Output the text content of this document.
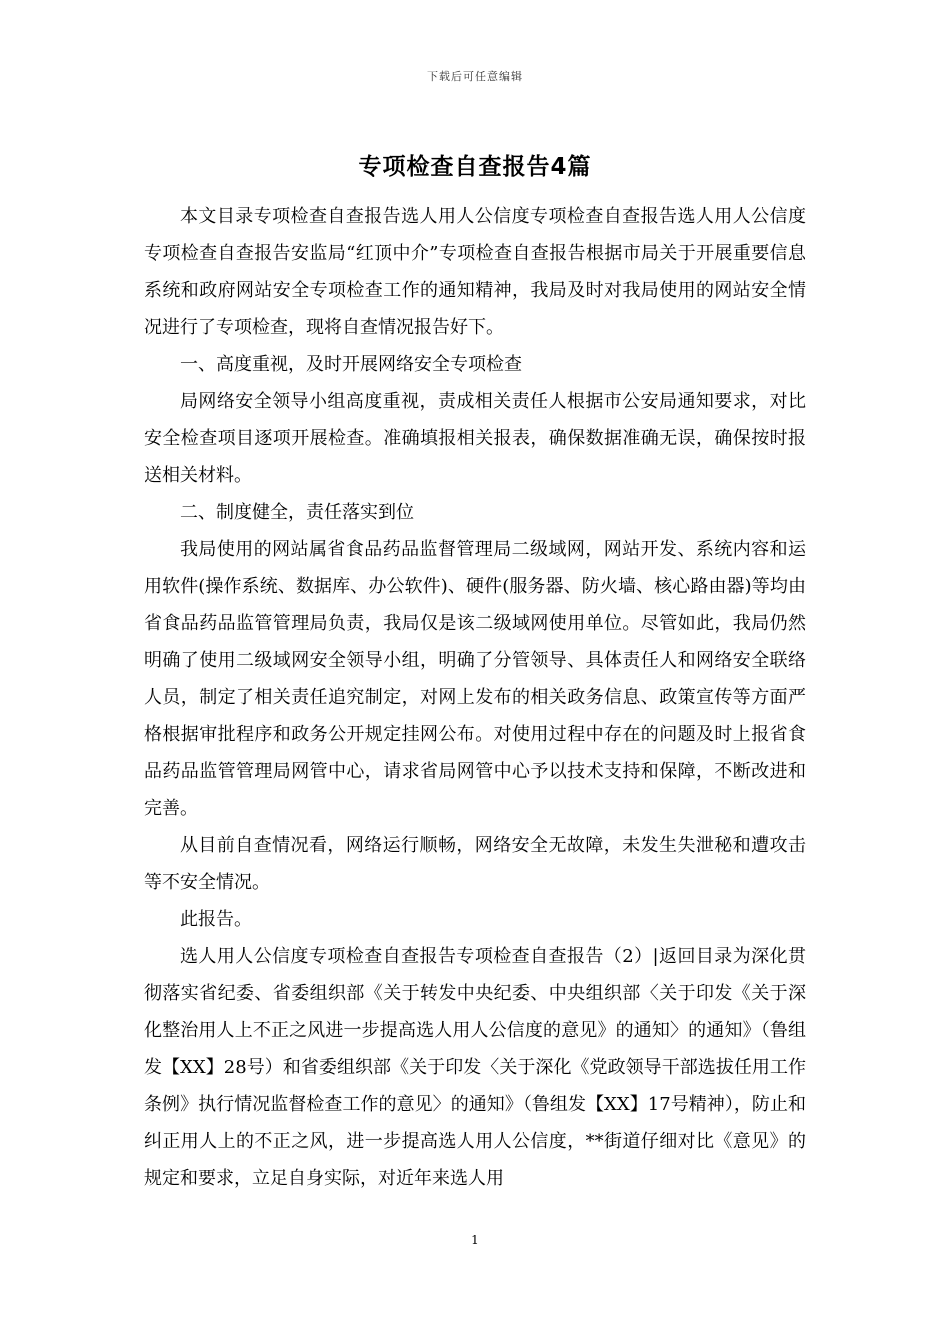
下载后可任意编辑
专项检查自查报告4篇

本文目录专项检查自查报告选人用人公信度专项检查自查报告选人用人公信度专项检查自查报告安监局“红顶中介”专项检查自查报告根据市局关于开展重要信息系统和政府网站安全专项检查工作的通知精神，我局及时对我局使用的网站安全情况进行了专项检查，现将自查情况报告好下。

一、高度重视，及时开展网络安全专项检查

局网络安全领导小组高度重视，责成相关责任人根据市公安局通知要求，对比安全检查项目逐项开展检查。准确填报相关报表，确保数据准确无误，确保按时报送相关材料。

二、制度健全，责任落实到位

我局使用的网站属省食品药品监督管理局二级域网，网站开发、系统内容和运用软件(操作系统、数据库、办公软件)、硬件(服务器、防火墙、核心路由器)等均由省食品药品监管管理局负责，我局仅是该二级域网使用单位。尽管如此，我局仍然明确了使用二级域网安全领导小组，明确了分管领导、具体责任人和网络安全联络人员，制定了相关责任追究制定，对网上发布的相关政务信息、政策宣传等方面严格根据审批程序和政务公开规定挂网公布。对使用过程中存在的问题及时上报省食品药品监管管理局网管中心，请求省局网管中心予以技术支持和保障，不断改进和完善。

从目前自查情况看，网络运行顺畅，网络安全无故障，未发生失泄秘和遭攻击等不安全情况。

此报告。

选人用人公信度专项检查自查报告专项检查自查报告（2）|返回目录为深化贯彻落实省纪委、省委组织部《关于转发中央纪委、中央组织部〈关于印发《关于深化整治用人上不正之风进一步提高选人用人公信度的意见》的通知〉的通知》（鲁组发【XX】28号）和省委组织部《关于印发〈关于深化《党政领导干部选拔任用工作条例》执行情况监督检查工作的意见〉的通知》（鲁组发【XX】17号精神），防止和纠正用人上的不正之风，进一步提高选人用人公信度，**街道仔细对比《意见》的规定和要求，立足自身实际，对近年来选人用

1
